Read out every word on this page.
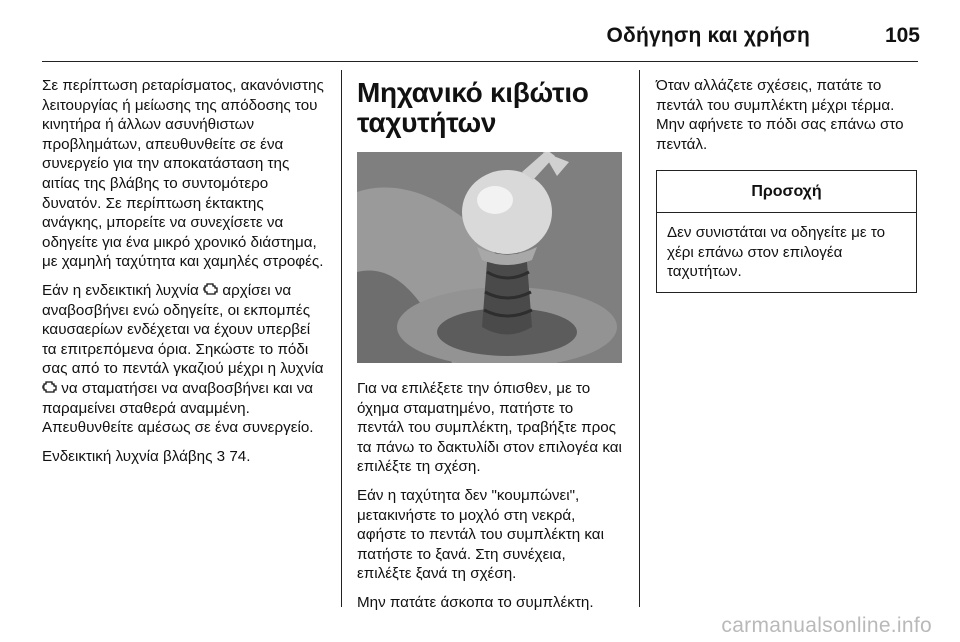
Οδήγηση και χρήση	105

Σε περίπτωση ρεταρίσματος, ακανόνιστης λειτουργίας ή μείωσης της απόδοσης του κινητήρα ή άλλων ασυνήθιστων προβλημάτων, απευθυνθείτε σε ένα συνεργείο για την αποκατάσταση της αιτίας της βλάβης το συντομότερο δυνατόν. Σε περίπτωση έκτακτης ανάγκης, μπορείτε να συνεχίσετε να οδηγείτε για ένα μικρό χρονικό διάστημα, με χαμηλή ταχύτητα και χαμηλές στροφές.

Εάν η ενδεικτική λυχνία αρχίσει να αναβοσβήνει ενώ οδηγείτε, οι εκπομπές καυσαερίων ενδέχεται να έχουν υπερβεί τα επιτρεπόμενα όρια. Σηκώστε το πόδι σας από το πεντάλ γκαζιού μέχρι η λυχνία  να σταματήσει να αναβοσβήνει και να παραμείνει σταθερά αναμμένη. Απευθυνθείτε αμέσως σε ένα συνεργείο.

Ενδεικτική λυχνία βλάβης 3 74.

Μηχανικό κιβώτιο
ταχυτήτων

Για να επιλέξετε την όπισθεν, με το όχημα σταματημένο, πατήστε το πεντάλ του συμπλέκτη, τραβήξτε προς τα πάνω το δακτυλίδι στον επιλογέα και επιλέξτε τη σχέση.

Εάν η ταχύτητα δεν "κουμπώνει", μετακινήστε το μοχλό στη νεκρά, αφήστε το πεντάλ του συμπλέκτη και πατήστε το ξανά. Στη συνέχεια, επιλέξτε ξανά τη σχέση.

Μην πατάτε άσκοπα το συμπλέκτη.

Όταν αλλάζετε σχέσεις, πατάτε το πεντάλ του συμπλέκτη μέχρι τέρμα. Μην αφήνετε το πόδι σας επάνω στο πεντάλ.

Προσοχή
Δεν συνιστάται να οδηγείτε με το χέρι επάνω στον επιλογέα ταχυτήτων.
carmanualsonline.info
